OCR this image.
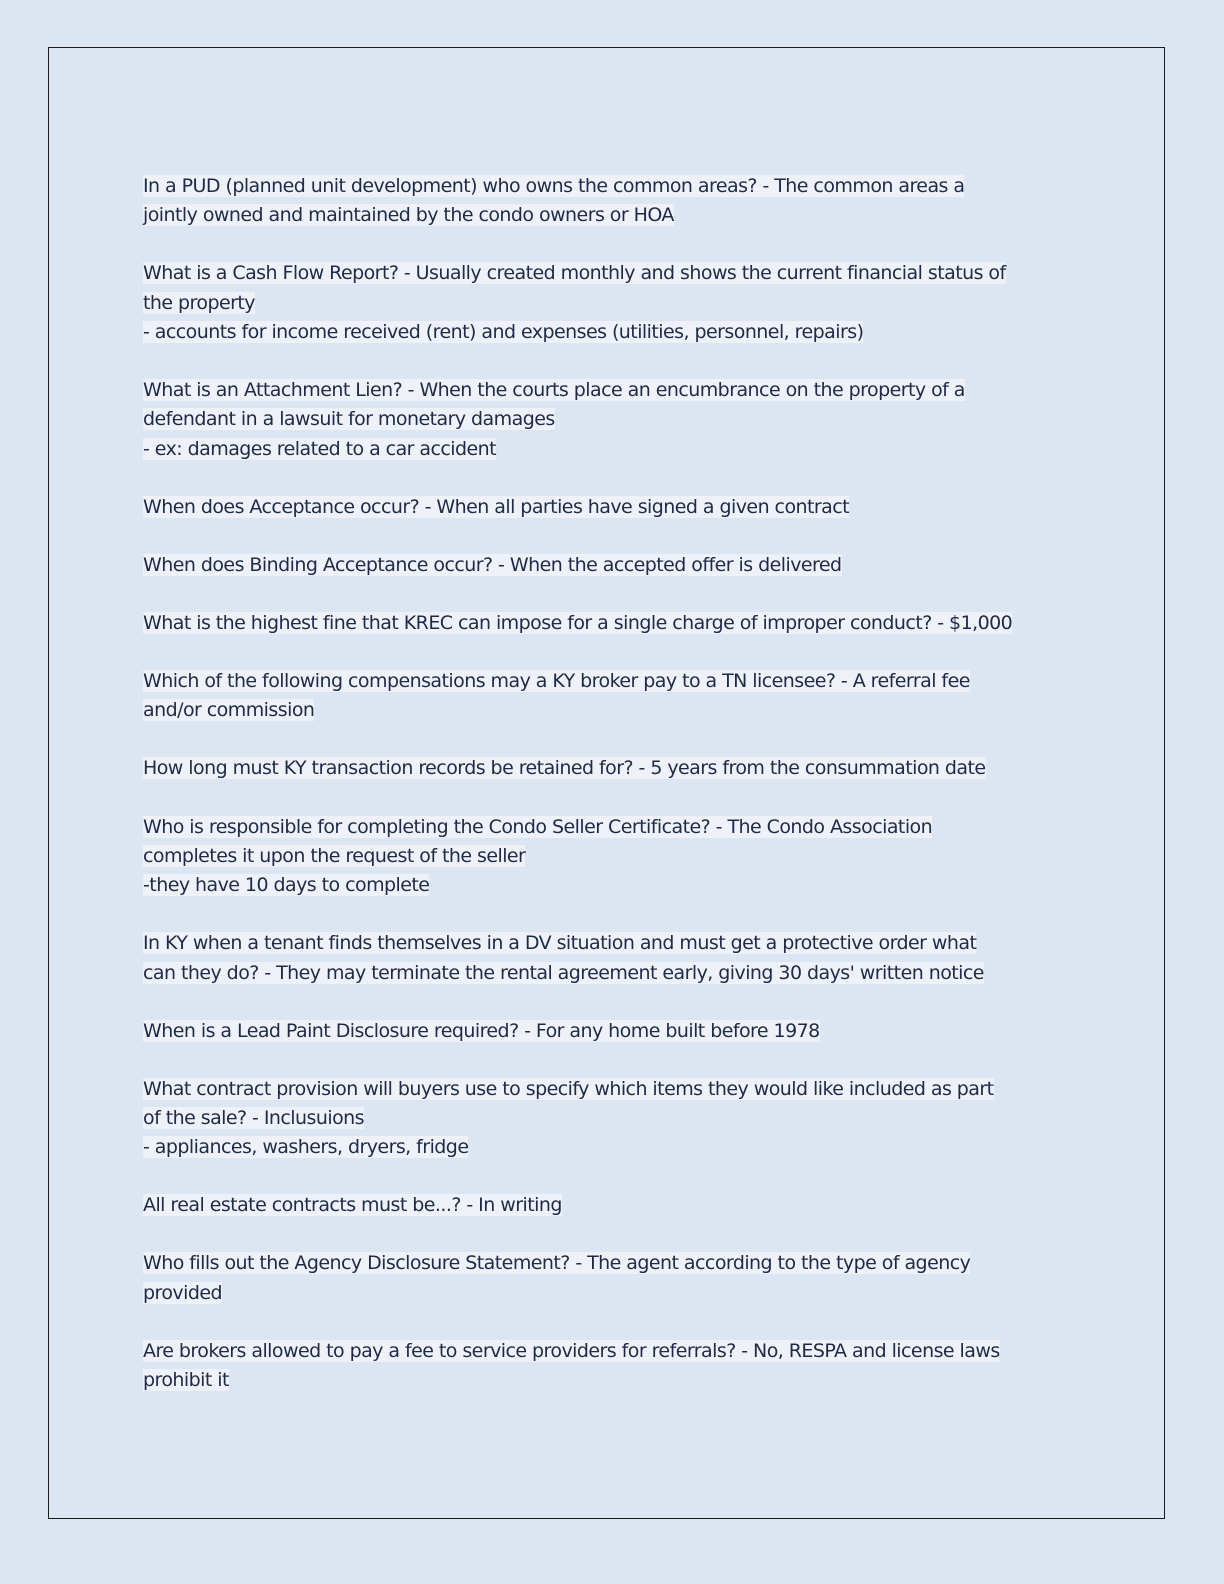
In a PUD (planned unit development) who owns the common areas? - The common areas a
jointly owned and maintained by the condo owners or HOA
What is a Cash Flow Report? - Usually created monthly and shows the current financial status of
the property
- accounts for income received (rent) and expenses (utilities, personnel, repairs)
What is an Attachment Lien? - When the courts place an encumbrance on the property of a
defendant in a lawsuit for monetary damages
- ex: damages related to a car accident
When does Acceptance occur? - When all parties have signed a given contract
When does Binding Acceptance occur? - When the accepted offer is delivered
What is the highest fine that KREC can impose for a single charge of improper conduct? - $1,000
Which of the following compensations may a KY broker pay to a TN licensee? - A referral fee
and/or commission
How long must KY transaction records be retained for? - 5 years from the consummation date
Who is responsible for completing the Condo Seller Certificate? - The Condo Association
completes it upon the request of the seller
-they have 10 days to complete
In KY when a tenant finds themselves in a DV situation and must get a protective order what
can they do? - They may terminate the rental agreement early, giving 30 days' written notice
When is a Lead Paint Disclosure required? - For any home built before 1978
What contract provision will buyers use to specify which items they would like included as part
of the sale? - Inclusuions
- appliances, washers, dryers, fridge
All real estate contracts must be...? - In writing
Who fills out the Agency Disclosure Statement? - The agent according to the type of agency
provided
Are brokers allowed to pay a fee to service providers for referrals? - No, RESPA and license laws
prohibit it
